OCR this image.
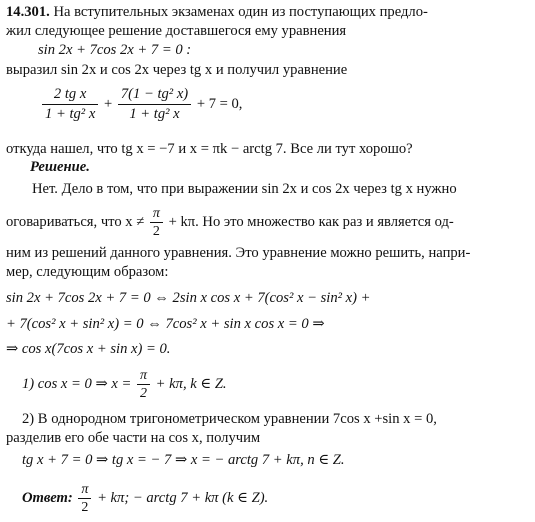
14.301. На вступительных экзаменах один из поступающих предло-
жил следующее решение доставшегося ему уравнения
sin 2x + 7cos 2x + 7 = 0 :
выразил sin 2x и cos 2x через tg x и получил уравнение
$\frac{\text{2 tg x}}{\text{1 + tg² x}} + \frac{\text{7(1 − tg² x)}}{\text{1 + tg² x}} + 7 = 0$,
откуда нашел, что tg x = −7 и x = πk − arctg 7. Все ли тут хорошо?
Решение.
Нет. Дело в том, что при выражении sin 2x и cos 2x через tg x нужно
оговариваться, что $x \ne \frac{\pi}{2} + k\pi$. Но это множество как раз и является од-
ним из решений данного уравнения. Это уравнение можно решить, напри-
мер, следующим образом:
sin 2x + 7cos 2x + 7 = 0 ⇔ 2sin x cos x + 7(cos² x − sin² x) +
+ 7(cos² x + sin² x) = 0 ⇔ 7cos² x + sin x cos x = 0 ⇒
⇒ cos x(7cos x + sin x) = 0.
1) cos x = 0 ⇒ $x = \frac{\pi}{2} + k\pi$, k ∈ Z.
2) В однородном тригонометрическом уравнении 7cos x +sin x = 0,
разделив его обе части на cos x, получим
tg x + 7 = 0 ⇒ tg x = − 7 ⇒ x = − arctg 7 + kπ, n ∈ Z.
Ответ: $\frac{\pi}{2} + k\pi$; − arctg 7 + kπ (k ∈ Z).
